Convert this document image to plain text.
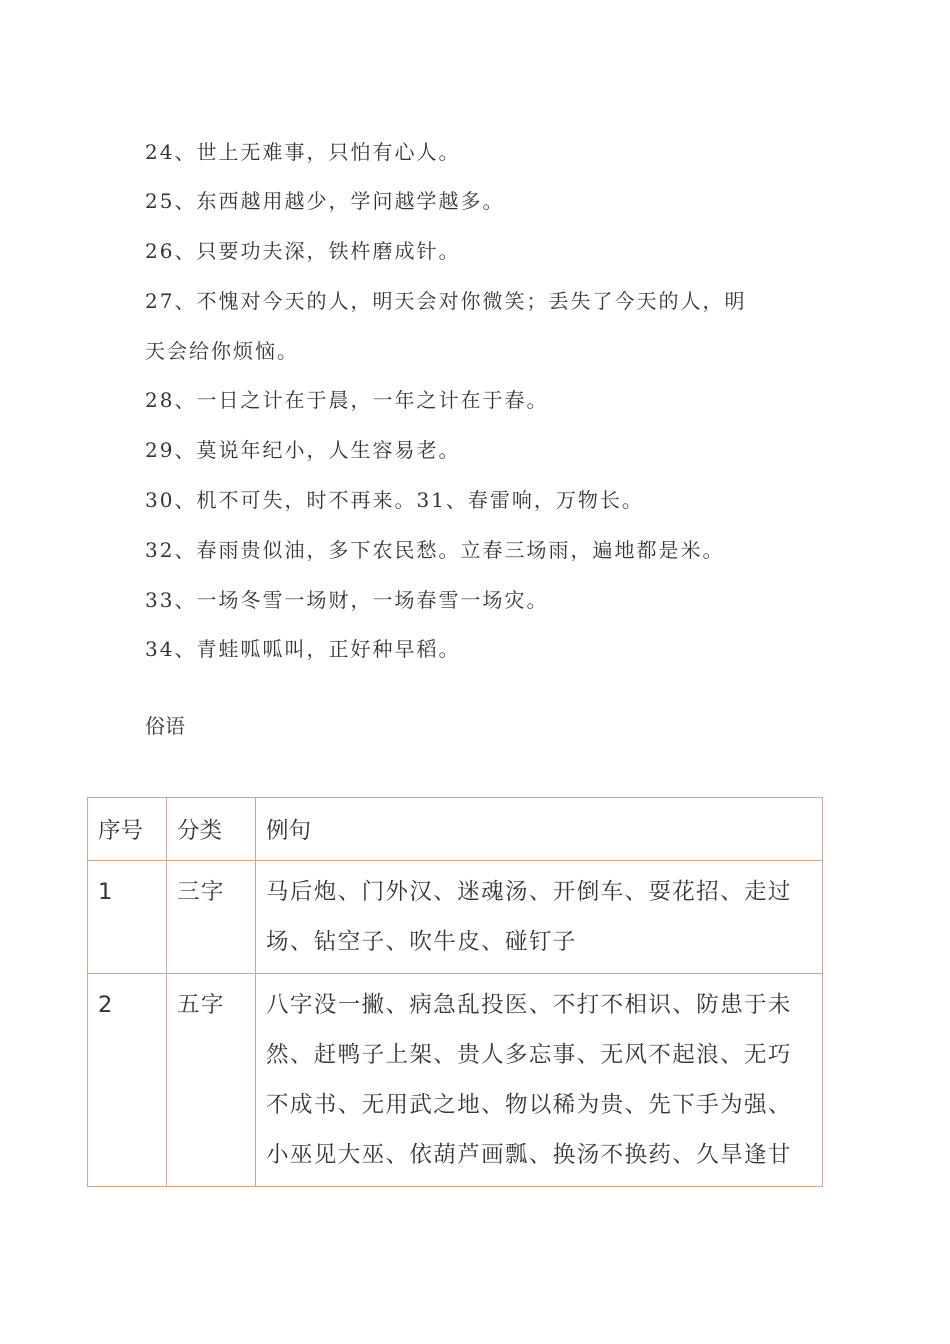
24、世上无难事，只怕有心人。
25、东西越用越少，学问越学越多。
26、只要功夫深，铁杵磨成针。
27、不愧对今天的人，明天会对你微笑；丢失了今天的人，明
天会给你烦恼。
28、一日之计在于晨，一年之计在于春。
29、莫说年纪小，人生容易老。
30、机不可失，时不再来。31、春雷响，万物长。
32、春雨贵似油，多下农民愁。立春三场雨，遍地都是米。
33、一场冬雪一场财，一场春雪一场灾。
34、青蛙呱呱叫，正好种早稻。
俗语
序号	分类	例句

1	三字	马后炮、门外汉、迷魂汤、开倒车、耍花招、走过
场、钻空子、吹牛皮、碰钉子

2	五字	八字没一撇、病急乱投医、不打不相识、防患于未
然、赶鸭子上架、贵人多忘事、无风不起浪、无巧
不成书、无用武之地、物以稀为贵、先下手为强、
小巫见大巫、依葫芦画瓢、换汤不换药、久旱逢甘
